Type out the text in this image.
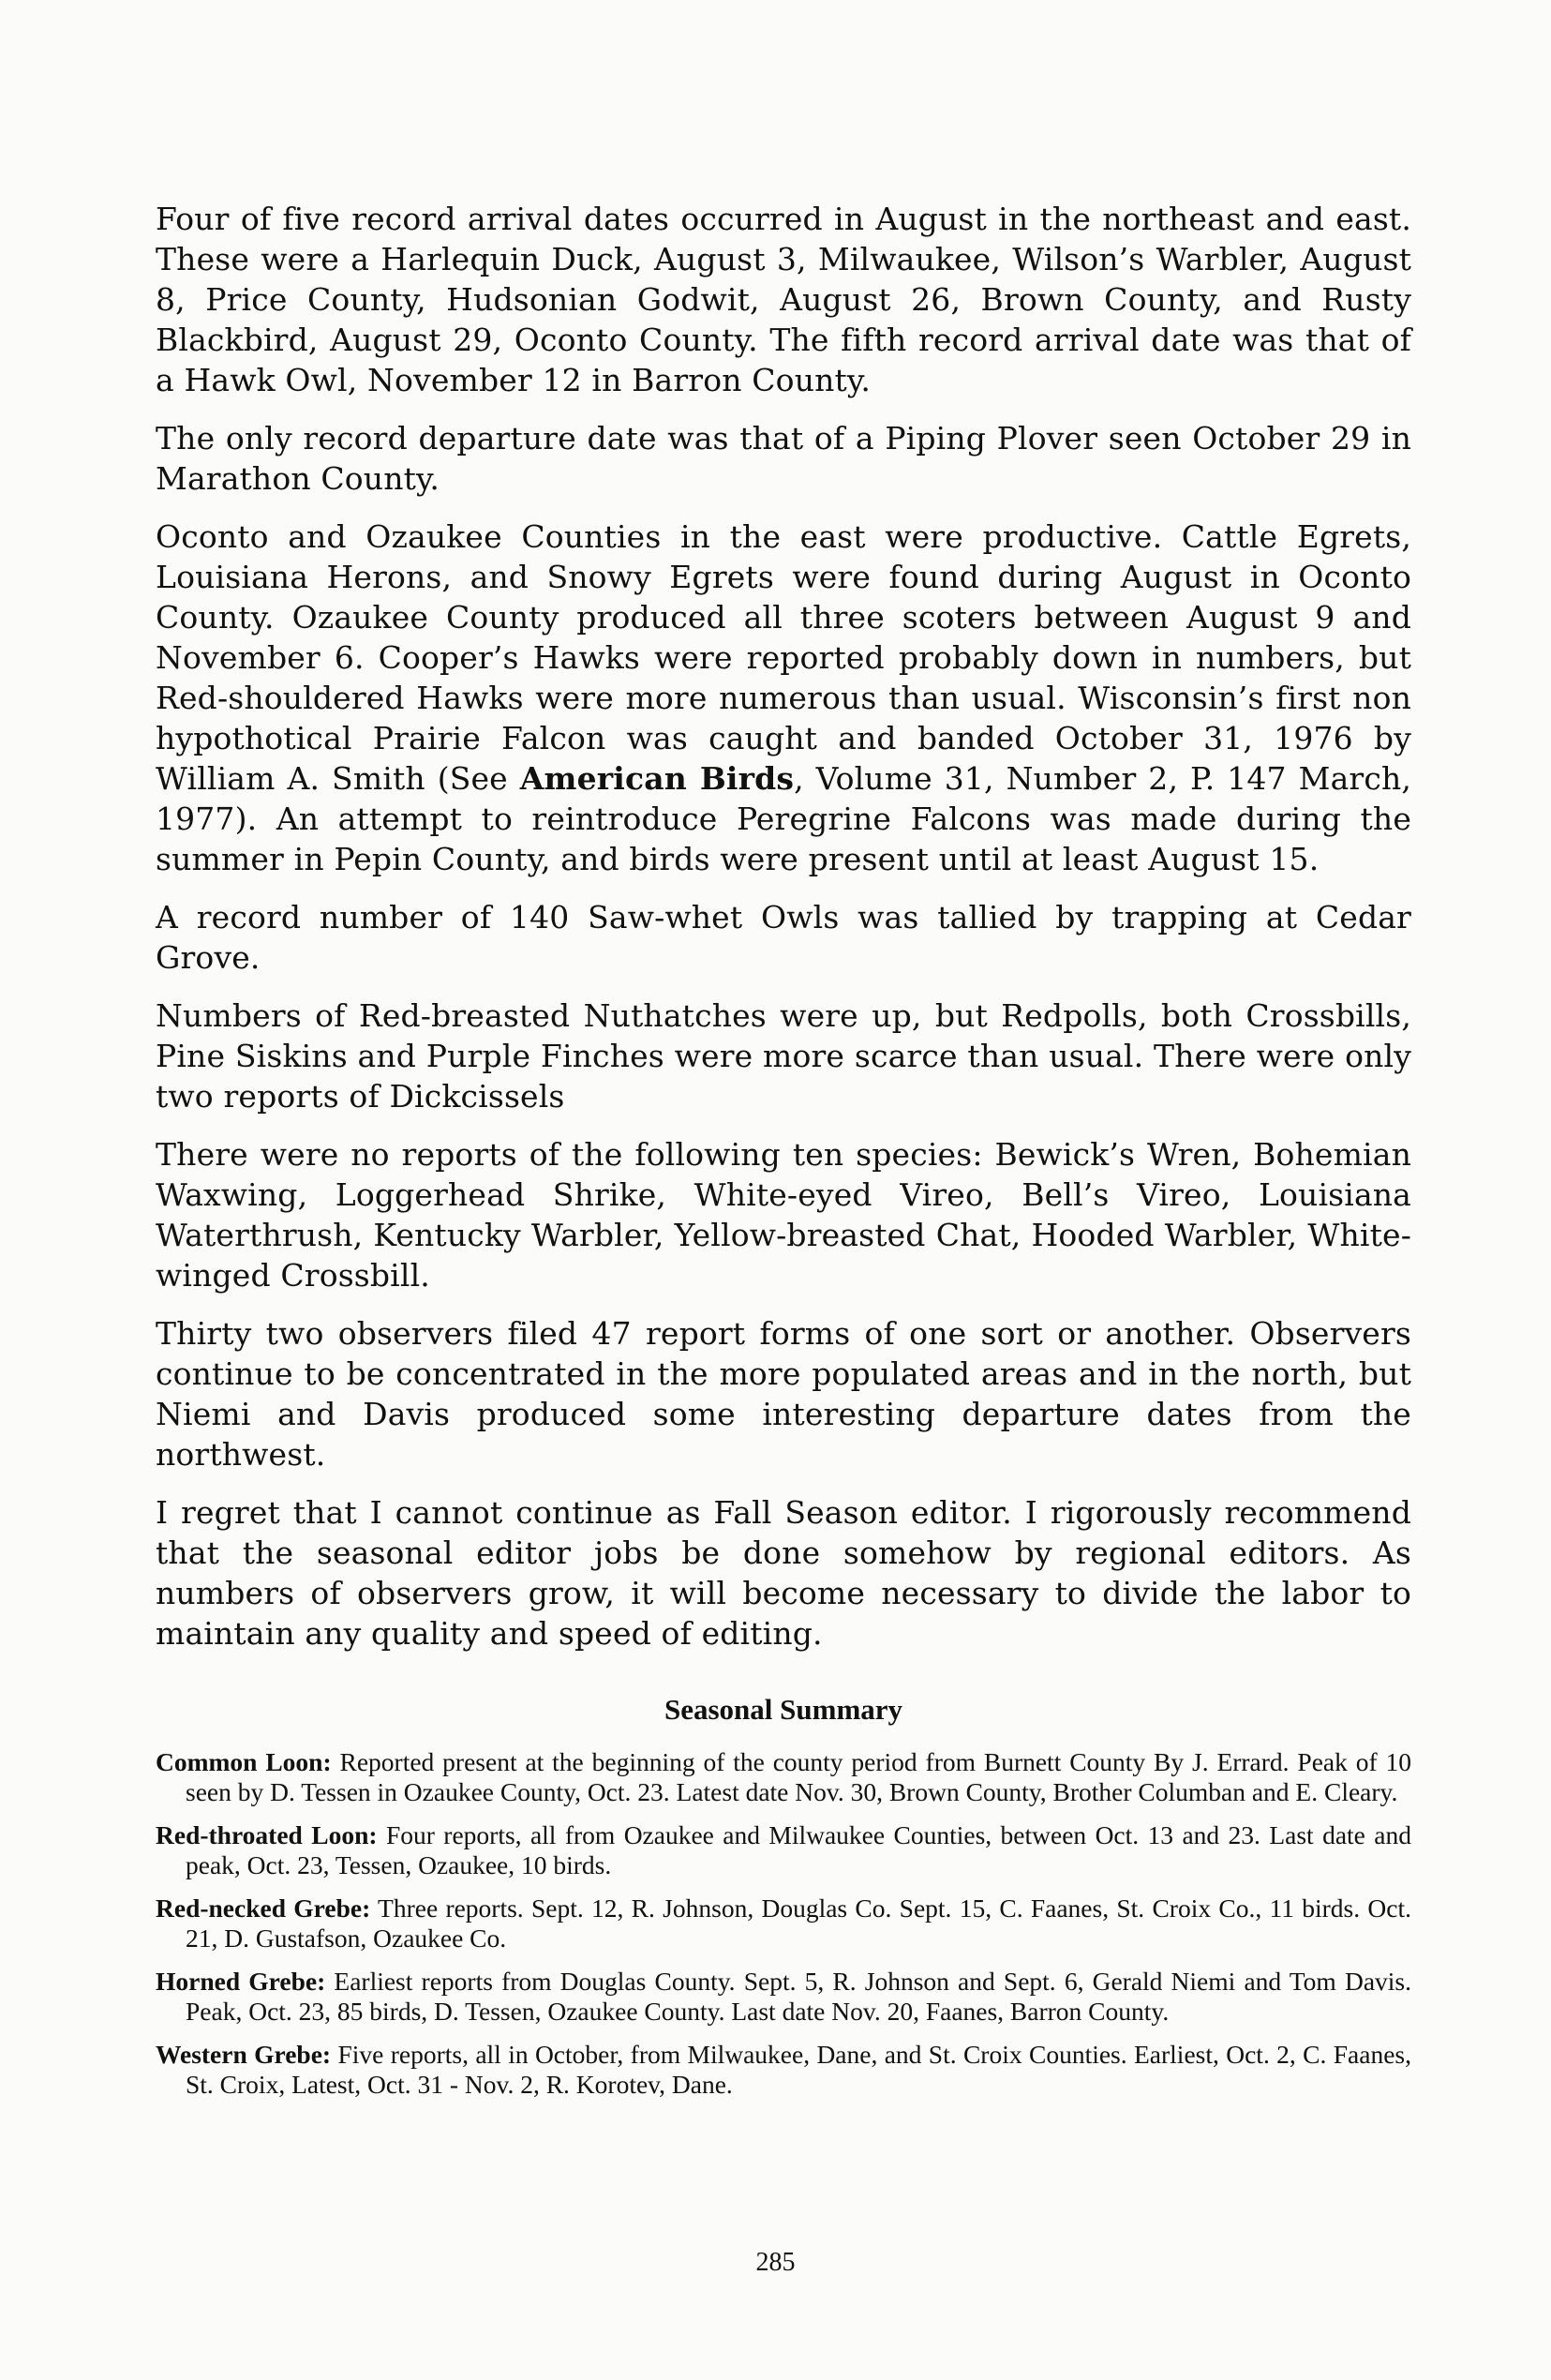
Four of five record arrival dates occurred in August in the northeast and east. These were a Harlequin Duck, August 3, Milwaukee, Wilson’s Warbler, August 8, Price County, Hudsonian Godwit, August 26, Brown County, and Rusty Blackbird, August 29, Oconto County. The fifth record arrival date was that of a Hawk Owl, November 12 in Barron County.

The only record departure date was that of a Piping Plover seen October 29 in Marathon County.

Oconto and Ozaukee Counties in the east were productive. Cattle Egrets, Louisiana Herons, and Snowy Egrets were found during August in Oconto County. Ozaukee County produced all three scoters between August 9 and November 6. Cooper’s Hawks were reported probably down in numbers, but Red-shouldered Hawks were more numerous than usual. Wisconsin’s first non hypothotical Prairie Falcon was caught and banded October 31, 1976 by William A. Smith (See American Birds, Volume 31, Number 2, P. 147 March, 1977). An attempt to reintroduce Peregrine Falcons was made during the summer in Pepin County, and birds were present until at least August 15.

A record number of 140 Saw-whet Owls was tallied by trapping at Cedar Grove.

Numbers of Red-breasted Nuthatches were up, but Redpolls, both Crossbills, Pine Siskins and Purple Finches were more scarce than usual. There were only two reports of Dickcissels

There were no reports of the following ten species: Bewick’s Wren, Bohemian Waxwing, Loggerhead Shrike, White-eyed Vireo, Bell’s Vireo, Louisiana Waterthrush, Kentucky Warbler, Yellow-breasted Chat, Hooded Warbler, White-winged Crossbill.

Thirty two observers filed 47 report forms of one sort or another. Observers continue to be concentrated in the more populated areas and in the north, but Niemi and Davis produced some interesting departure dates from the northwest.

I regret that I cannot continue as Fall Season editor. I rigorously recommend that the seasonal editor jobs be done somehow by regional editors. As numbers of observers grow, it will become necessary to divide the labor to maintain any quality and speed of editing.

Seasonal Summary

Common Loon: Reported present at the beginning of the county period from Burnett County By J. Errard. Peak of 10 seen by D. Tessen in Ozaukee County, Oct. 23. Latest date Nov. 30, Brown County, Brother Columban and E. Cleary.

Red-throated Loon: Four reports, all from Ozaukee and Milwaukee Counties, between Oct. 13 and 23. Last date and peak, Oct. 23, Tessen, Ozaukee, 10 birds.

Red-necked Grebe: Three reports. Sept. 12, R. Johnson, Douglas Co. Sept. 15, C. Faanes, St. Croix Co., 11 birds. Oct. 21, D. Gustafson, Ozaukee Co.

Horned Grebe: Earliest reports from Douglas County. Sept. 5, R. Johnson and Sept. 6, Gerald Niemi and Tom Davis. Peak, Oct. 23, 85 birds, D. Tessen, Ozaukee County. Last date Nov. 20, Faanes, Barron County.

Western Grebe: Five reports, all in October, from Milwaukee, Dane, and St. Croix Counties. Earliest, Oct. 2, C. Faanes, St. Croix, Latest, Oct. 31 - Nov. 2, R. Korotev, Dane.

285
